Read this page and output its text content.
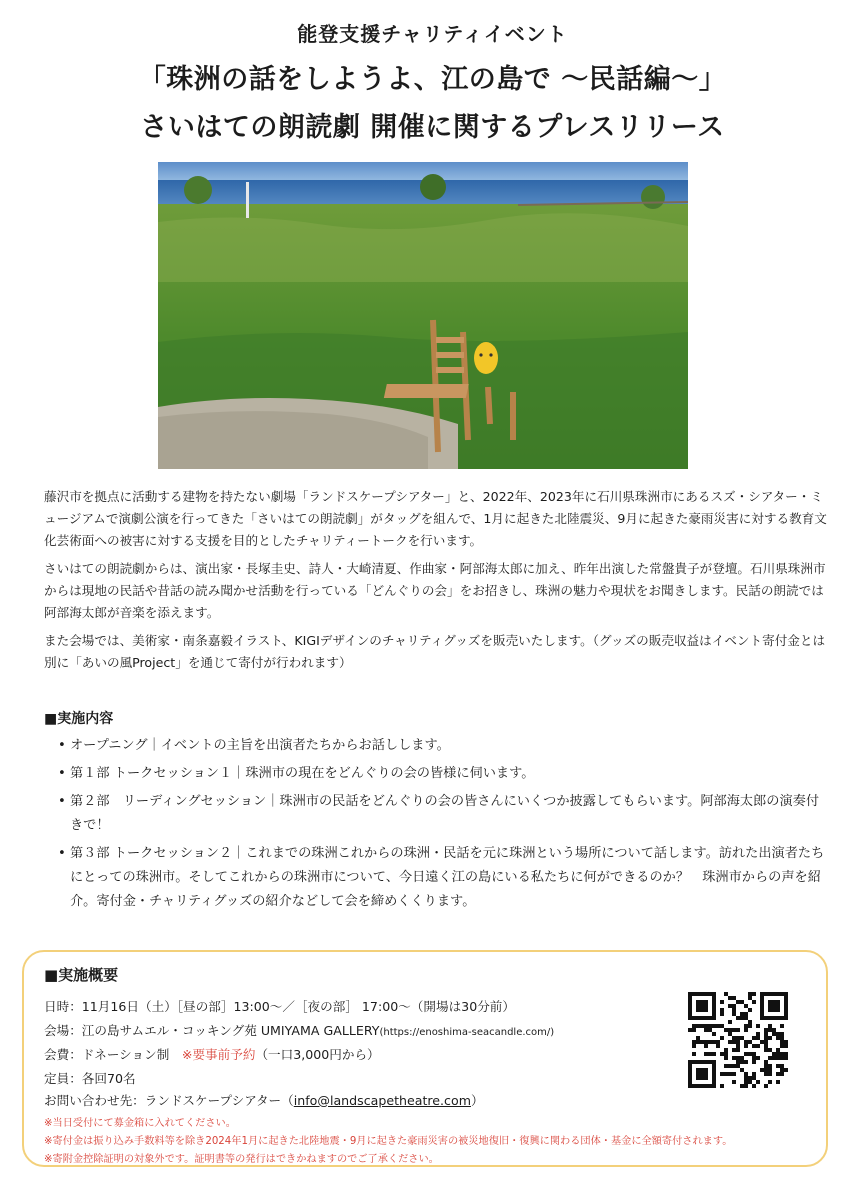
能登支援チャリティイベント
「珠洲の話をしようよ、江の島で 〜民話編〜」
さいはての朗読劇 開催に関するプレスリリース

藤沢市を拠点に活動する建物を持たない劇場「ランドスケープシアター」と、2022年、2023年に石川県珠洲市にあるスズ・シアター・ミュージアムで演劇公演を行ってきた「さいはての朗読劇」がタッグを組んで、1月に起きた北陸震災、9月に起きた豪雨災害に対する教育文化芸術面への被害に対する支援を目的としたチャリティートークを行います。

さいはての朗読劇からは、演出家・長塚圭史、詩人・大崎清夏、作曲家・阿部海太郎に加え、昨年出演した常盤貴子が登壇。石川県珠洲市からは現地の民話や昔話の読み聞かせ活動を行っている「どんぐりの会」をお招きし、珠洲の魅力や現状をお聞きします。民話の朗読では阿部海太郎が音楽を添えます。

また会場では、美術家・南条嘉毅イラスト、KIGIデザインのチャリティグッズを販売いたします。（グッズの販売収益はイベント寄付金とは別に「あいの風Project」を通じて寄付が行われます）

■実施内容
• オープニング｜イベントの主旨を出演者たちからお話しします。
• 第１部 トークセッション１｜珠洲市の現在をどんぐりの会の皆様に伺います。
• 第２部　リーディングセッション｜珠洲市の民話をどんぐりの会の皆さんにいくつか披露してもらいます。阿部海太郎の演奏付きで！
• 第３部 トークセッション２｜これまでの珠洲これからの珠洲・民話を元に珠洲という場所について話します。訪れた出演者たちにとっての珠洲市。そしてこれからの珠洲市について、今日遠く江の島にいる私たちに何ができるのか？　珠洲市からの声を紹介。寄付金・チャリティグッズの紹介などして会を締めくくります。
■実施概要
日時：11月16日（土）［昼の部］13:00〜／［夜の部］ 17:00〜（開場は30分前）
会場：江の島サムエル・コッキング苑 UMIYAMA GALLERY(https://enoshima-seacandle.com/)
会費：ドネーション制　 ※要事前予約（一口3,000円から）
定員：各回70名
お問い合わせ先：ランドスケープシアター（info@landscapetheatre.com）
※当日受付にて募金箱に入れてください。
※寄付金は振り込み手数料等を除き2024年1月に起きた北陸地震・9月に起きた豪雨災害の被災地復旧・復興に関わる団体・基金に全額寄付されます。
※寄附金控除証明の対象外です。証明書等の発行はできかねますのでご了承ください。
